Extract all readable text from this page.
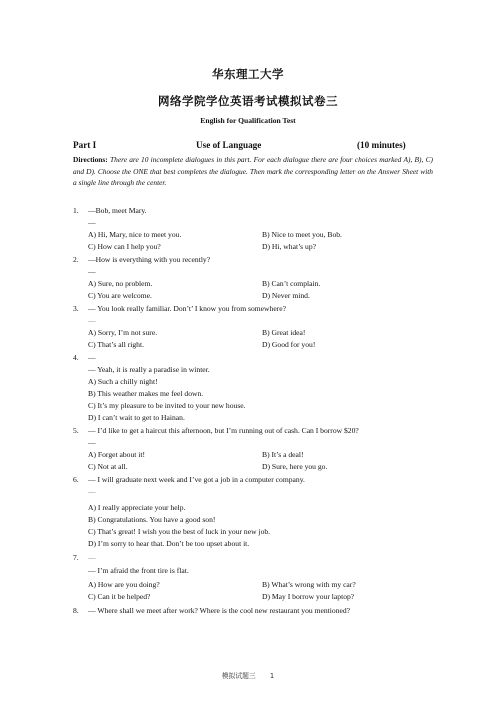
华东理工大学
网络学院学位英语考试模拟试卷三
English for Qualification Test
Part I	Use of Language	(10 minutes)
Directions: There are 10 incomplete dialogues in this part. For each dialogue there are four choices marked A), B), C) and D). Choose the ONE that best completes the dialogue. Then mark the corresponding letter on the Answer Sheet with a single line through the center.
1. —Bob, meet Mary.
—
A) Hi, Mary, nice to meet you.	B) Nice to meet you, Bob.
C) How can I help you?	D) Hi, what’s up?
2. —How is everything with you recently?
—
A) Sure, no problem.	B) Can’t complain.
C) You are welcome.	D) Never mind.
3. — You look really familiar. Don’t’ I know you from somewhere?
—
A) Sorry, I’m not sure.	B) Great idea!
C) That’s all right.	D) Good for you!
4. —
— Yeah, it is really a paradise in winter.
A) Such a chilly night!
B) This weather makes me feel down.
C) It’s my pleasure to be invited to your new house.
D) I can’t wait to get to Hainan.
5. — I’d like to get a haircut this afternoon, but I’m running out of cash. Can I borrow $20?
—
A) Forget about it!	B) It’s a deal!
C) Not at all.	D) Sure, here you go.
6. — I will graduate next week and I’ve got a job in a computer company.
—
A) I really appreciate your help.
B) Congratulations. You have a good son!
C) That’s great! I wish you the best of luck in your new job.
D) I’m sorry to hear that. Don’t be too upset about it.
7. —
— I’m afraid the front tire is flat.
A) How are you doing?	B) What’s wrong with my car?
C) Can it be helped?	D) May I borrow your laptop?
8. — Where shall we meet after work? Where is the cool new restaurant you mentioned?
模拟试题三 1
